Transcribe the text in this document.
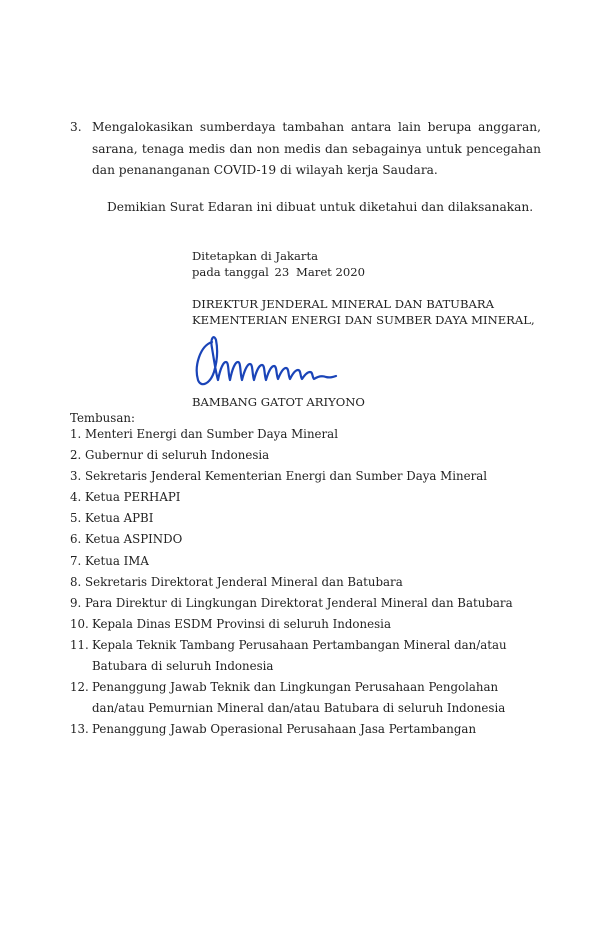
3. Mengalokasikan sumberdaya tambahan antara lain berupa anggaran, sarana, tenaga medis dan non medis dan sebagainya untuk pencegahan dan penananganan COVID-19 di wilayah kerja Saudara.
Demikian Surat Edaran ini dibuat untuk diketahui dan dilaksanakan.
Ditetapkan di Jakarta
pada tanggal 23 Maret 2020
DIREKTUR JENDERAL MINERAL DAN BATUBARA
KEMENTERIAN ENERGI DAN SUMBER DAYA MINERAL,
BAMBANG GATOT ARIYONO
Tembusan:
1. Menteri Energi dan Sumber Daya Mineral
2. Gubernur di seluruh Indonesia
3. Sekretaris Jenderal Kementerian Energi dan Sumber Daya Mineral
4. Ketua PERHAPI
5. Ketua APBI
6. Ketua ASPINDO
7. Ketua IMA
8. Sekretaris Direktorat Jenderal Mineral dan Batubara
9. Para Direktur di Lingkungan Direktorat Jenderal Mineral dan Batubara
10. Kepala Dinas ESDM Provinsi di seluruh Indonesia
11. Kepala Teknik Tambang Perusahaan Pertambangan Mineral dan/atau
Batubara di seluruh Indonesia
12. Penanggung Jawab Teknik dan Lingkungan Perusahaan Pengolahan
dan/atau Pemurnian Mineral dan/atau Batubara di seluruh Indonesia
13. Penanggung Jawab Operasional Perusahaan Jasa Pertambangan
